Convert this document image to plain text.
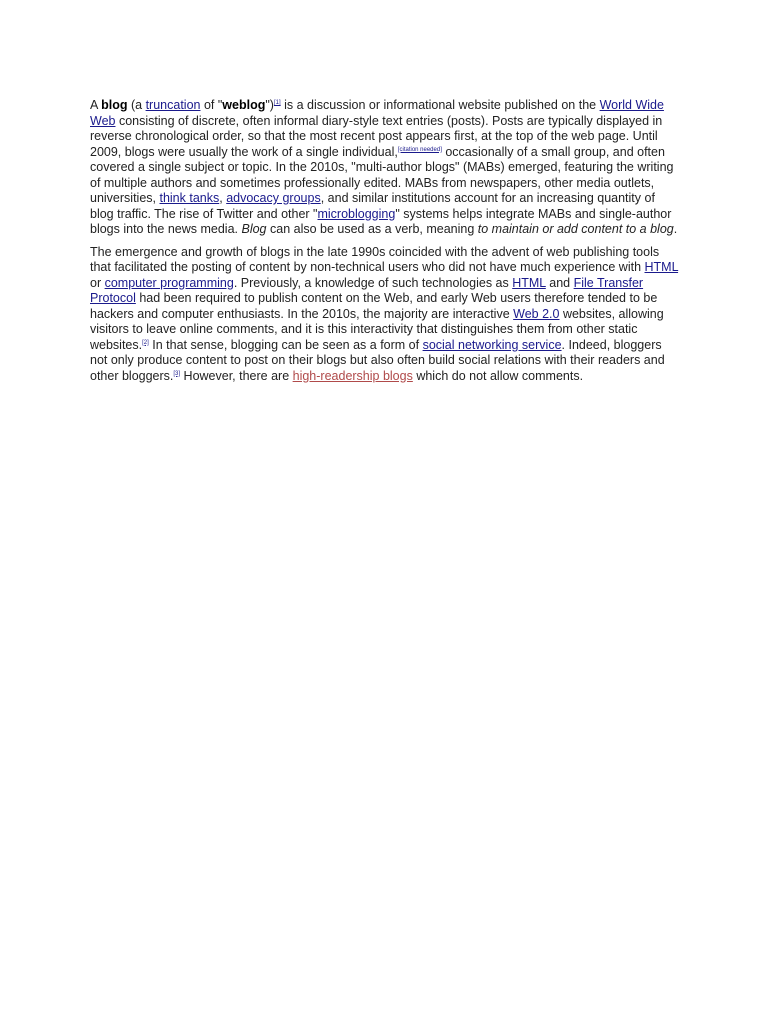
A blog (a truncation of "weblog")[1] is a discussion or informational website published on the World Wide Web consisting of discrete, often informal diary-style text entries (posts). Posts are typically displayed in reverse chronological order, so that the most recent post appears first, at the top of the web page. Until 2009, blogs were usually the work of a single individual,[citation needed] occasionally of a small group, and often covered a single subject or topic. In the 2010s, "multi-author blogs" (MABs) emerged, featuring the writing of multiple authors and sometimes professionally edited. MABs from newspapers, other media outlets, universities, think tanks, advocacy groups, and similar institutions account for an increasing quantity of blog traffic. The rise of Twitter and other "microblogging" systems helps integrate MABs and single-author blogs into the news media. Blog can also be used as a verb, meaning to maintain or add content to a blog.

The emergence and growth of blogs in the late 1990s coincided with the advent of web publishing tools that facilitated the posting of content by non-technical users who did not have much experience with HTML or computer programming. Previously, a knowledge of such technologies as HTML and File Transfer Protocol had been required to publish content on the Web, and early Web users therefore tended to be hackers and computer enthusiasts. In the 2010s, the majority are interactive Web 2.0 websites, allowing visitors to leave online comments, and it is this interactivity that distinguishes them from other static websites.[2] In that sense, blogging can be seen as a form of social networking service. Indeed, bloggers not only produce content to post on their blogs but also often build social relations with their readers and other bloggers.[3] However, there are high-readership blogs which do not allow comments.
